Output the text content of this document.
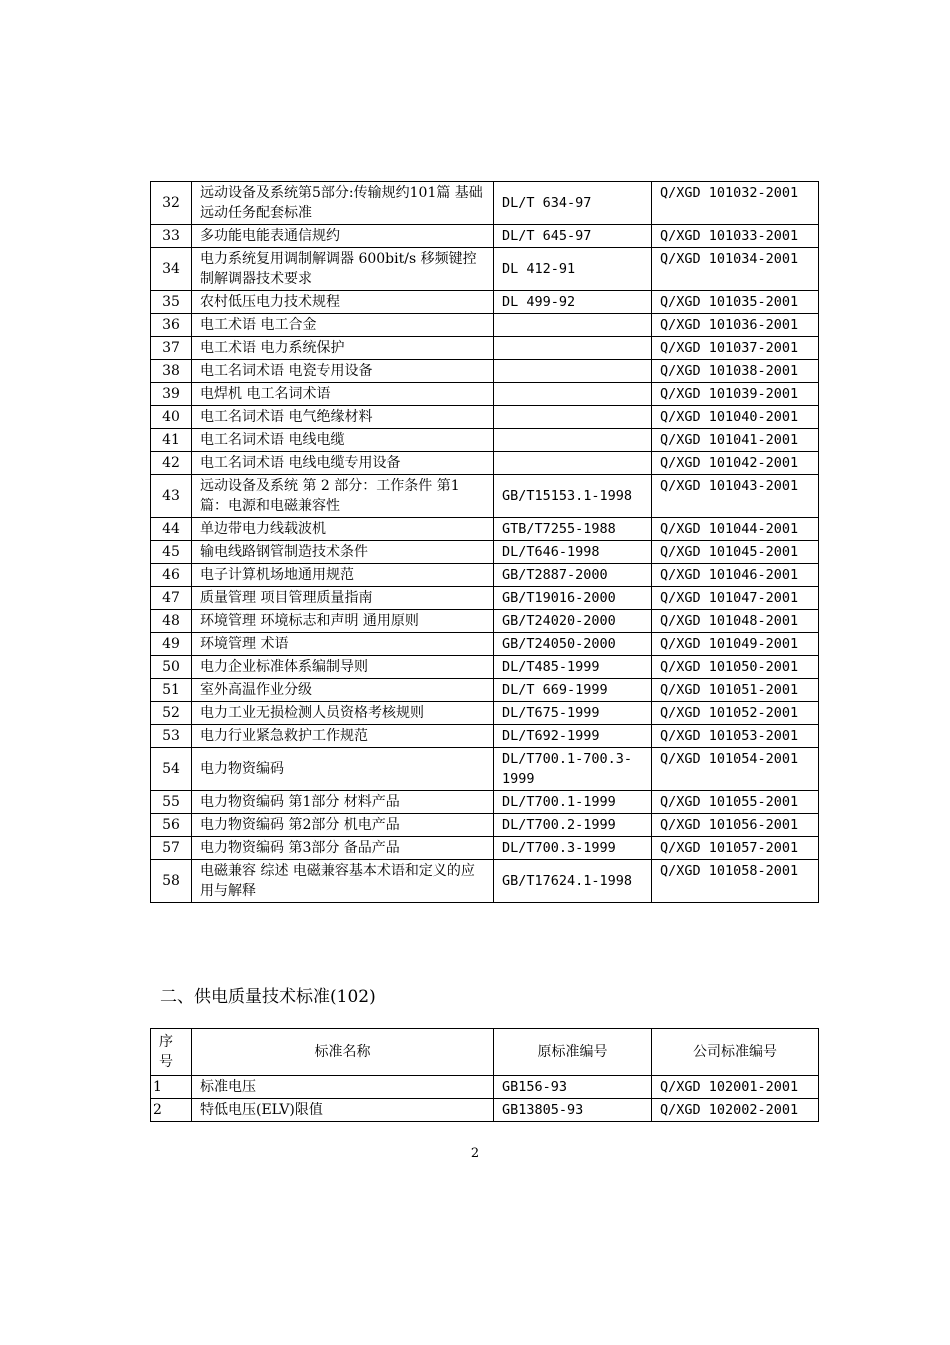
32	远动设备及系统第5部分:传输规约101篇 基础远动任务配套标准	DL/T 634-97	Q/XGD 101032-2001
33	多功能电能表通信规约	DL/T 645-97	Q/XGD 101033-2001
34	电力系统复用调制解调器 600bit/s 移频键控制解调器技术要求	DL 412-91	Q/XGD 101034-2001
35	农村低压电力技术规程	DL 499-92	Q/XGD 101035-2001
36	电工术语 电工合金		Q/XGD 101036-2001
37	电工术语 电力系统保护		Q/XGD 101037-2001
38	电工名词术语 电瓷专用设备		Q/XGD 101038-2001
39	电焊机 电工名词术语		Q/XGD 101039-2001
40	电工名词术语 电气绝缘材料		Q/XGD 101040-2001
41	电工名词术语 电线电缆		Q/XGD 101041-2001
42	电工名词术语 电线电缆专用设备		Q/XGD 101042-2001
43	远动设备及系统 第 2 部分：工作条件 第1篇：电源和电磁兼容性	GB/T15153.1-1998	Q/XGD 101043-2001
44	单边带电力线载波机	GTB/T7255-1988	Q/XGD 101044-2001
45	输电线路钢管制造技术条件	DL/T646-1998	Q/XGD 101045-2001
46	电子计算机场地通用规范	GB/T2887-2000	Q/XGD 101046-2001
47	质量管理 项目管理质量指南	GB/T19016-2000	Q/XGD 101047-2001
48	环境管理 环境标志和声明 通用原则	GB/T24020-2000	Q/XGD 101048-2001
49	环境管理 术语	GB/T24050-2000	Q/XGD 101049-2001
50	电力企业标准体系编制导则	DL/T485-1999	Q/XGD 101050-2001
51	室外高温作业分级	DL/T 669-1999	Q/XGD 101051-2001
52	电力工业无损检测人员资格考核规则	DL/T675-1999	Q/XGD 101052-2001
53	电力行业紧急救护工作规范	DL/T692-1999	Q/XGD 101053-2001
54	电力物资编码	DL/T700.1-700.3-1999	Q/XGD 101054-2001
55	电力物资编码 第1部分 材料产品	DL/T700.1-1999	Q/XGD 101055-2001
56	电力物资编码 第2部分 机电产品	DL/T700.2-1999	Q/XGD 101056-2001
57	电力物资编码 第3部分 备品产品	DL/T700.3-1999	Q/XGD 101057-2001
58	电磁兼容 综述 电磁兼容基本术语和定义的应用与解释	GB/T17624.1-1998	Q/XGD 101058-2001
二、供电质量技术标准(102)
序号	标准名称	原标准编号	公司标准编号
1	标准电压	GB156-93	Q/XGD 102001-2001
2	特低电压(ELV)限值	GB13805-93	Q/XGD 102002-2001
2
